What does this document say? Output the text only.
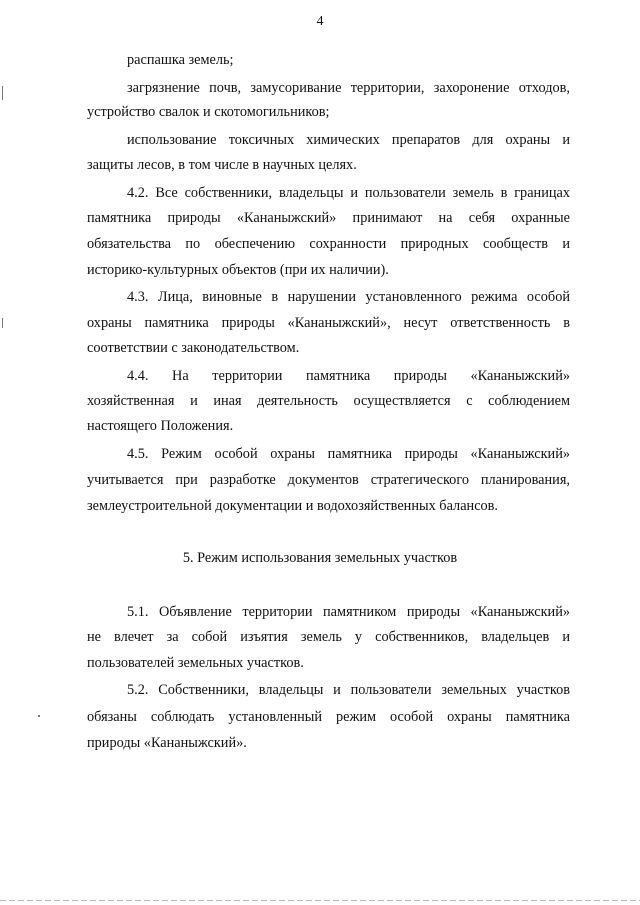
4
распашка земель;
загрязнение почв, замусоривание территории, захоронение отходов,
устройство свалок и скотомогильников;
использование токсичных химических препаратов для охраны и
защиты лесов, в том числе в научных целях.
4.2. Все собственники, владельцы и пользователи земель в границах
памятника природы «Кананыжский» принимают на себя охранные
обязательства по обеспечению сохранности природных сообществ и
историко-культурных объектов (при их наличии).
4.3. Лица, виновные в нарушении установленного режима особой
охраны памятника природы «Кананыжский», несут ответственность в
соответствии с законодательством.
4.4. На территории памятника природы «Кананыжский»
хозяйственная и иная деятельность осуществляется с соблюдением
настоящего Положения.
4.5. Режим особой охраны памятника природы «Кананыжский»
учитывается при разработке документов стратегического планирования,
землеустроительной документации и водохозяйственных балансов.
5. Режим использования земельных участков
5.1. Объявление территории памятником природы «Кананыжский»
не влечет за собой изъятия земель у собственников, владельцев и
пользователей земельных участков.
5.2. Собственники, владельцы и пользователи земельных участков
обязаны соблюдать установленный режим особой охраны памятника
природы «Кананыжский».
